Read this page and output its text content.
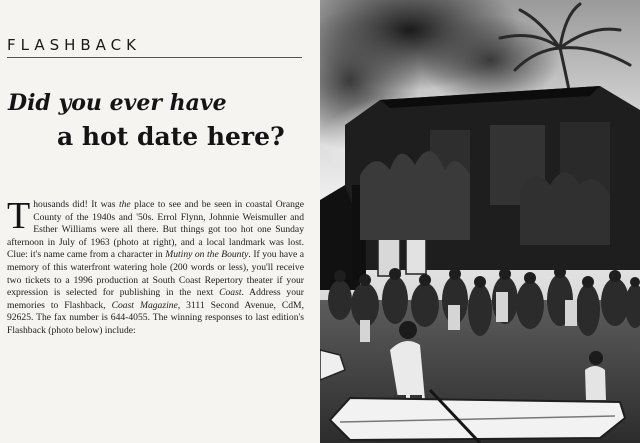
FLASHBACK
Did you ever have
a hot date here?

Thousands did! It was the place to see and be seen in coastal Orange County of the 1940s and '50s. Errol Flynn, Johnnie Weismuller and Esther Williams were all there. But things got too hot one Sunday afternoon in July of 1963 (photo at right), and a local landmark was lost. Clue: it's name came from a character in Mutiny on the Bounty. If you have a memory of this waterfront watering hole (200 words or less), you'll receive two tickets to a 1996 production at South Coast Repertory theater if your expression is selected for publishing in the next Coast. Address your memories to Flashback, Coast Magazine, 3111 Second Avenue, CdM, 92625. The fax number is 644-4055. The winning responses to last edition's Flashback (photo below) include:
